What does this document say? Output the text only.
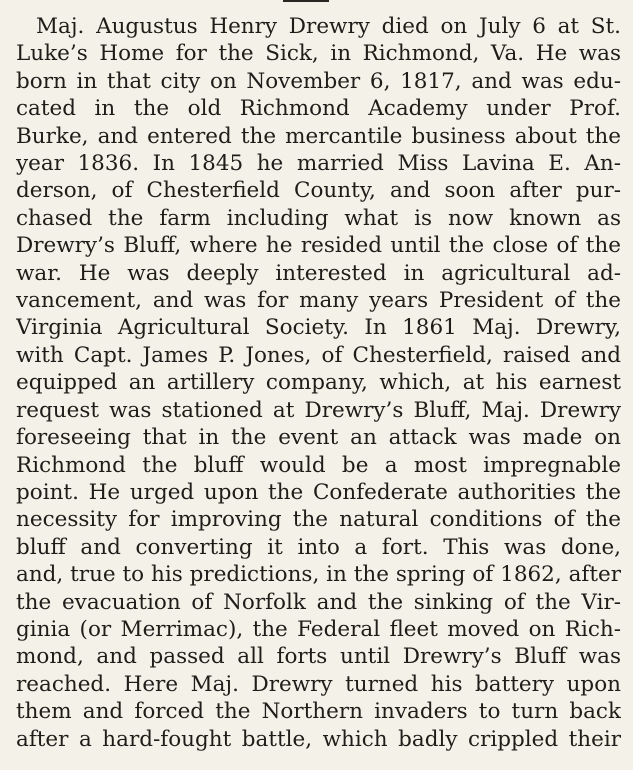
Maj. Augustus Henry Drewry died on July 6 at St.
Luke’s Home for the Sick, in Richmond, Va. He was
born in that city on November 6, 1817, and was edu-
cated in the old Richmond Academy under Prof.
Burke, and entered the mercantile business about the
year 1836. In 1845 he married Miss Lavina E. An-
derson, of Chesterfield County, and soon after pur-
chased the farm including what is now known as
Drewry’s Bluff, where he resided until the close of the
war. He was deeply interested in agricultural ad-
vancement, and was for many years President of the
Virginia Agricultural Society. In 1861 Maj. Drewry,
with Capt. James P. Jones, of Chesterfield, raised and
equipped an artillery company, which, at his earnest
request was stationed at Drewry’s Bluff, Maj. Drewry
foreseeing that in the event an attack was made on
Richmond the bluff would be a most impregnable
point. He urged upon the Confederate authorities the
necessity for improving the natural conditions of the
bluff and converting it into a fort. This was done,
and, true to his predictions, in the spring of 1862, after
the evacuation of Norfolk and the sinking of the Vir-
ginia (or Merrimac), the Federal fleet moved on Rich-
mond, and passed all forts until Drewry’s Bluff was
reached. Here Maj. Drewry turned his battery upon
them and forced the Northern invaders to turn back
after a hard-fought battle, which badly crippled their
